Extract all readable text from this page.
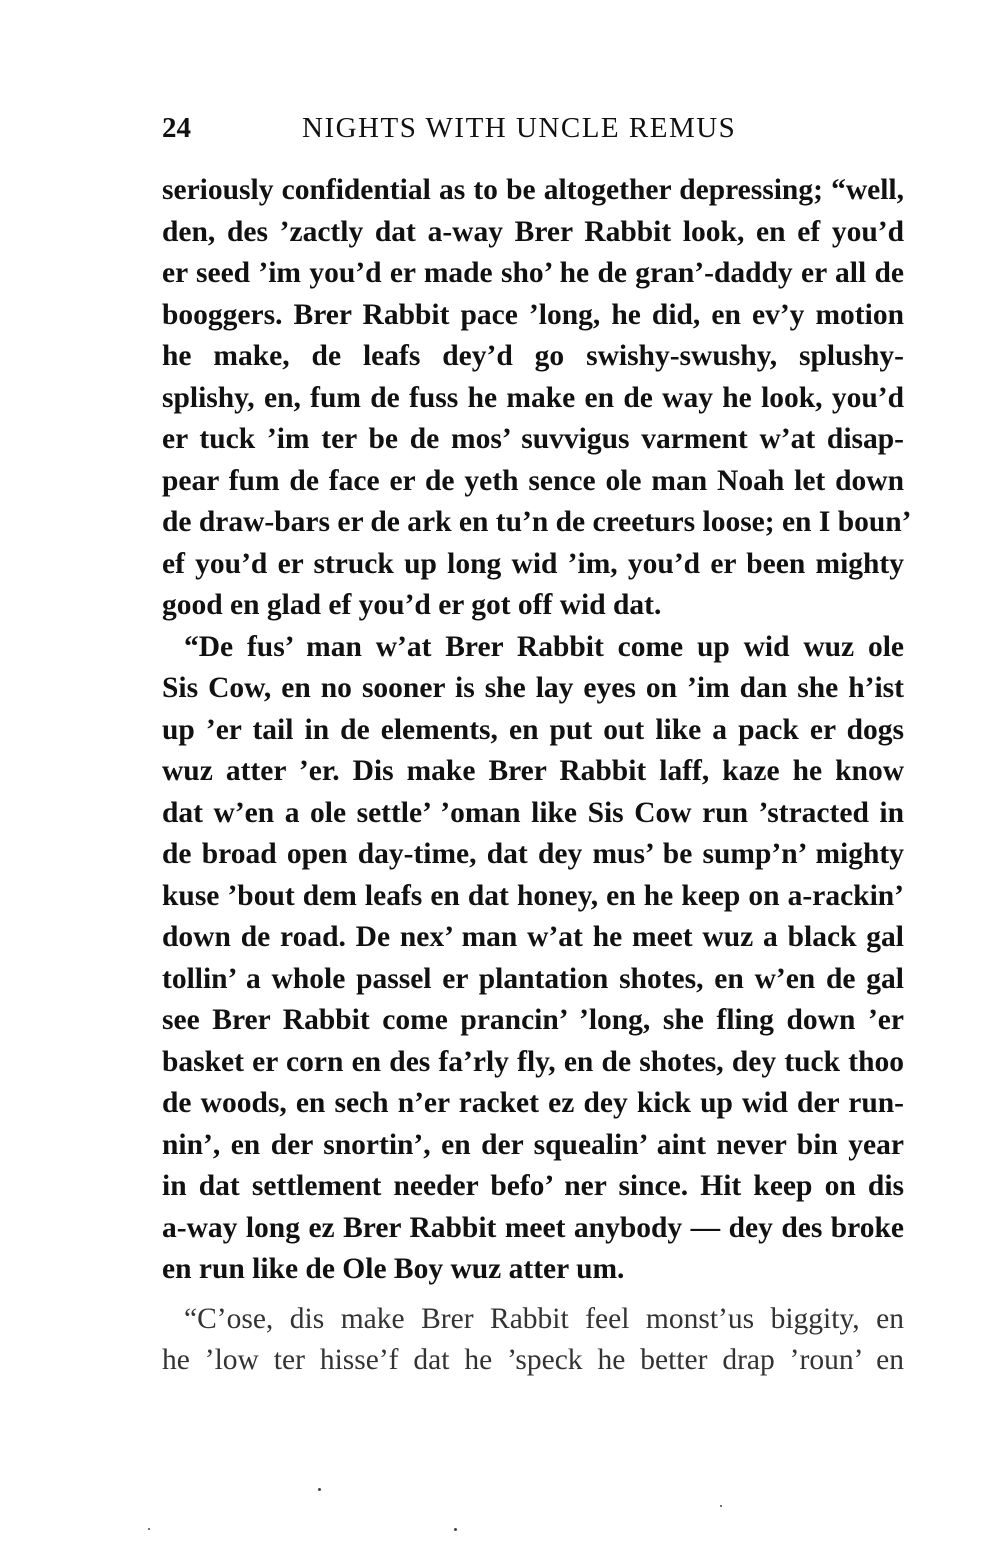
24	NIGHTS WITH UNCLE REMUS
seriously confidential as to be altogether depressing; “well,
den, des ’zactly dat a-way Brer Rabbit look, en ef you’d
er seed ’im you’d er made sho’ he de gran’-daddy er all de
booggers. Brer Rabbit pace ’long, he did, en ev’y motion
he make, de leafs dey’d go swishy-swushy, splushy-
splishy, en, fum de fuss he make en de way he look, you’d
er tuck ’im ter be de mos’ suvvigus varment w’at disap-
pear fum de face er de yeth sence ole man Noah let down
de draw-bars er de ark en tu’n de creeturs loose; en I boun’
ef you’d er struck up long wid ’im, you’d er been mighty
good en glad ef you’d er got off wid dat.
“De fus’ man w’at Brer Rabbit come up wid wuz ole
Sis Cow, en no sooner is she lay eyes on ’im dan she h’ist
up ’er tail in de elements, en put out like a pack er dogs
wuz atter ’er. Dis make Brer Rabbit laff, kaze he know
dat w’en a ole settle’ ’oman like Sis Cow run ’stracted in
de broad open day-time, dat dey mus’ be sump’n’ mighty
kuse ’bout dem leafs en dat honey, en he keep on a-rackin’
down de road. De nex’ man w’at he meet wuz a black gal
tollin’ a whole passel er plantation shotes, en w’en de gal
see Brer Rabbit come prancin’ ’long, she fling down ’er
basket er corn en des fa’rly fly, en de shotes, dey tuck thoo
de woods, en sech n’er racket ez dey kick up wid der run-
nin’, en der snortin’, en der squealin’ aint never bin year
in dat settlement needer befo’ ner since. Hit keep on dis
a-way long ez Brer Rabbit meet anybody — dey des broke
en run like de Ole Boy wuz atter um.
“C’ose, dis make Brer Rabbit feel monst’us biggity, en
he ’low ter hisse’f dat he ’speck he better drap ’roun’ en
